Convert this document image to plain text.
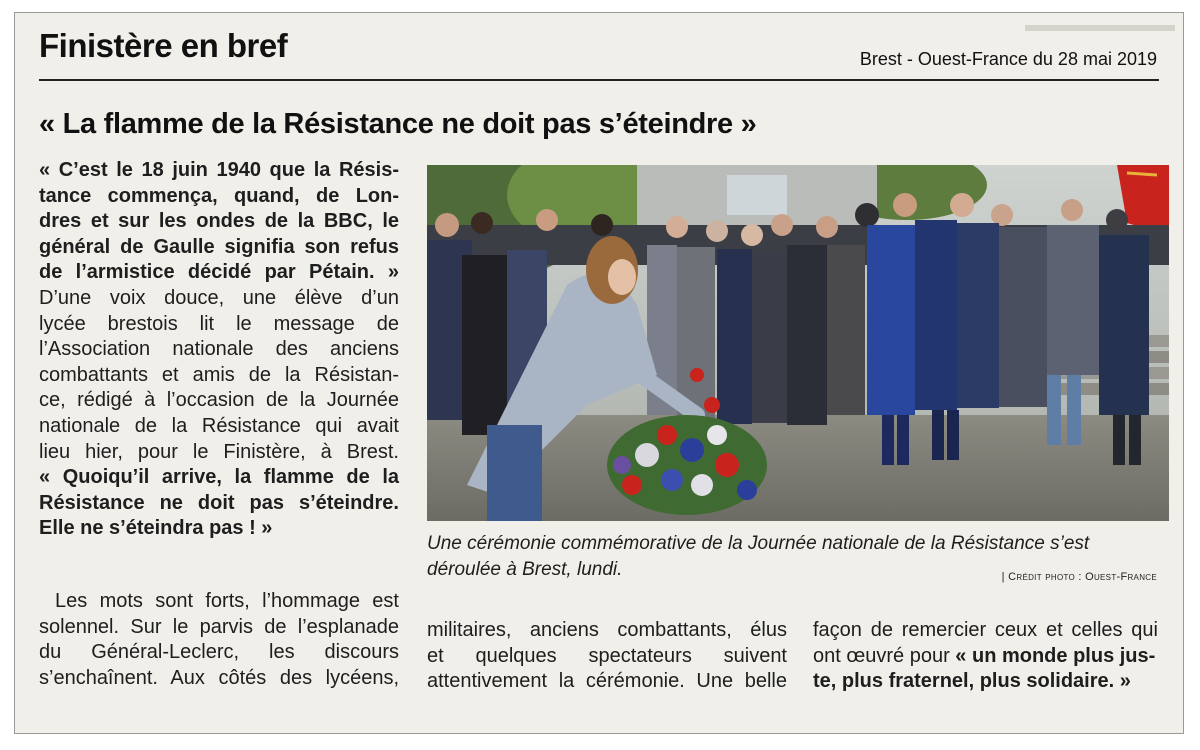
Finistère en bref	Brest - Ouest-France du 28 mai 2019
« La flamme de la Résistance ne doit pas s’éteindre »
« C’est le 18 juin 1940 que la Résis-
tance commença, quand, de Lon-
dres et sur les ondes de la BBC, le
général de Gaulle signifia son refus
de l’armistice décidé par Pétain. »
D’une voix douce, une élève d’un
lycée brestois lit le message de
l’Association nationale des anciens
combattants et amis de la Résistan-
ce, rédigé à l’occasion de la Journée
nationale de la Résistance qui avait
lieu hier, pour le Finistère, à Brest.
« Quoiqu’il arrive, la flamme de la
Résistance ne doit pas s’éteindre.
Elle ne s’éteindra pas ! »
Les mots sont forts, l’hommage est
solennel. Sur le parvis de l’esplanade
du Général-Leclerc, les discours
s’enchaînent. Aux côtés des lycéens,
Une cérémonie commémorative de la Journée nationale de la Résistance s’est
déroulée à Brest, lundi.	| Crédit photo : Ouest-France
militaires, anciens combattants, élus
et quelques spectateurs suivent
attentivement la cérémonie. Une belle
façon de remercier ceux et celles qui
ont œuvré pour « un monde plus jus-
te, plus fraternel, plus solidaire. »
